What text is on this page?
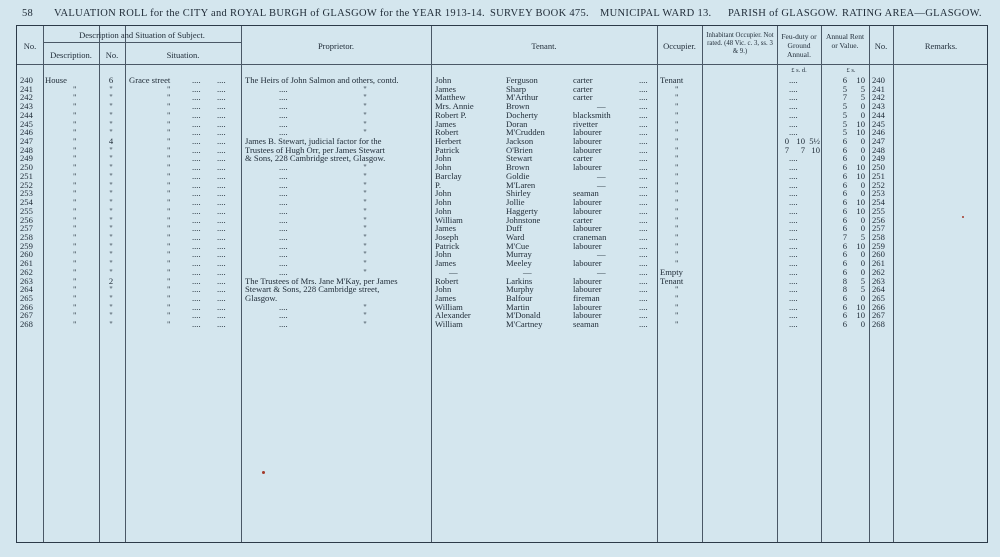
58 VALUATION ROLL for the CITY and ROYAL BURGH of GLASGOW for the YEAR 1913-14. SURVEY BOOK 475. MUNICIPAL WARD 13. PARISH of GLASGOW. RATING AREA—GLASGOW.
No.
Description and Situation of Subject.
Description.	No.	Situation.
Proprietor.	Tenant.	Occupier.
Inhabitant Occupier. Not rated. (48 Vic. c. 3, ss. 3 & 9.)
Feu-duty or Ground Annual.
Annual Rent or Value.	No.	Remarks.
£ s. d.	£ s.
240	House	6	Grace street	....	....	The Heirs of John Salmon and others, contd.	John	Ferguson	carter	....	Tenant	....	6	10 240
241	"	"	"	....	....	....	"	James	Sharp	carter	....	"	....	5	5 241
242	"	"	"	....	....	....	"	Matthew	M'Arthur	carter	....	"	....	7	5 242
243	"	"	"	....	....	....	"	Mrs. Annie	Brown	—	....	"	....	5	0 243
244	"	"	"	....	....	....	"	Robert P.	Docherty	blacksmith	....	"	....	5	0 244
245	"	"	"	....	....	....	"	James	Doran	rivetter	....	"	....	5	10 245
246	"	"	"	....	....	....	"	Robert	M'Crudden	labourer	....	"	....	5	10 246
247	"	4	"	....	....	James B. Stewart, judicial factor for the	Herbert	Jackson	labourer	....	"	0 10 5½	6	0 247
248	"	"	"	....	....	Trustees of Hugh Orr, per James Stewart	Patrick	O'Brien	labourer	....	"	7	7 10	6	0 248
249	"	"	"	....	....	& Sons, 228 Cambridge street, Glasgow.	John	Stewart	carter	....	"	....	6	0 249
250	"	"	"	....	....	....	"	John	Brown	labourer	....	"	....	6	10 250
251	"	"	"	....	....	....	"	Barclay	Goldie	—	....	"	....	6	10 251
252	"	"	"	....	....	....	"	P.	M'Laren	—	....	"	....	6	0 252
253	"	"	"	....	....	....	"	John	Shirley	seaman	....	"	....	6	0 253
254	"	"	"	....	....	....	"	John	Jollie	labourer	....	"	....	6	10 254
255	"	"	"	....	....	....	"	John	Haggerty	labourer	....	"	....	6	10 255
256	"	"	"	....	....	....	"	William	Johnstone	carter	....	"	....	6	0 256
257	"	"	"	....	....	....	"	James	Duff	labourer	....	"	....	6	0 257
258	"	"	"	....	....	....	"	Joseph	Ward	craneman	....	"	....	7	5 258
259	"	"	"	....	....	....	"	Patrick	M'Cue	labourer	....	"	....	6	10 259
260	"	"	"	....	....	....	"	John	Murray	—	....	"	....	6	0 260
261	"	"	"	....	....	....	"	James	Meeley	labourer	....	"	....	6	0 261
262	"	"	"	....	....	....	"	—	—	—	....	Empty	....	6	0 262
263	"	2	"	....	....	The Trustees of Mrs. Jane M'Kay, per James	Robert	Larkins	labourer	....	Tenant	....	8	5 263
264	"	"	"	....	....	Stewart & Sons, 228 Cambridge street,	John	Murphy	labourer	....	"	....	8	5 264
265	"	"	"	....	....	Glasgow.	James	Balfour	fireman	....	"	....	6	0 265
266	"	"	"	....	....	....	"	William	Martin	labourer	....	"	....	6	10 266
267	"	"	"	....	....	....	"	Alexander	M'Donald	labourer	....	"	....	6	10 267
268	"	"	"	....	....	....	"	William	M'Cartney	seaman	....	"	....	6	0 268
